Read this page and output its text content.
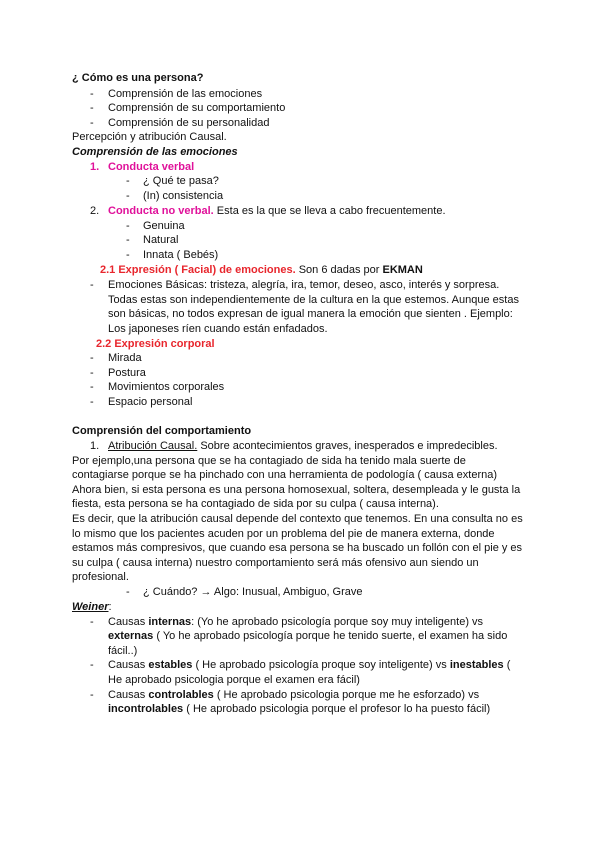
¿ Cómo es una persona?
- Comprensión de las emociones
- Comprensión de su comportamiento
- Comprensión de su personalidad
Percepción y atribución Causal.
Comprensión de las emociones
1. Conducta verbal
- ¿ Qué te pasa?
- (In) consistencia
2. Conducta no verbal. Esta es la que se lleva a cabo frecuentemente.
- Genuina
- Natural
- Innata ( Bebés)
2.1 Expresión ( Facial) de emociones. Son 6 dadas por EKMAN
- Emociones Básicas: tristeza, alegría, ira, temor, deseo, asco, interés y sorpresa.
Todas estas son independientemente de la cultura en la que estemos. Aunque estas
son básicas, no todos expresan de igual manera la emoción que sienten . Ejemplo:
Los japoneses ríen cuando están enfadados.
2.2 Expresión corporal
- Mirada
- Postura
- Movimientos corporales
- Espacio personal
Comprensión del comportamiento
1. Atribución Causal. Sobre acontecimientos graves, inesperados e impredecibles.
Por ejemplo,una persona que se ha contagiado de sida ha tenido mala suerte de
contagiarse porque se ha pinchado con una herramienta de podología ( causa externa)
Ahora bien, si esta persona es una persona homosexual, soltera, desempleada y le gusta la
fiesta, esta persona se ha contagiado de sida por su culpa ( causa interna).
Es decir, que la atribución causal depende del contexto que tenemos. En una consulta no es
lo mismo que los pacientes acuden por un problema del pie de manera externa, donde
estamos más compresivos, que cuando esa persona se ha buscado un follón con el pie y es
su culpa ( causa interna) nuestro comportamiento será más ofensivo aun siendo un
profesional.
- ¿ Cuándo? → Algo: Inusual, Ambiguo, Grave
Weiner:
- Causas internas: (Yo he aprobado psicología porque soy muy inteligente) vs
externas ( Yo he aprobado psicología porque he tenido suerte, el examen ha sido
fácil..)
- Causas estables ( He aprobado psicología proque soy inteligente) vs inestables (
He aprobado psicologia porque el examen era fácil)
- Causas controlables ( He aprobado psicologia porque me he esforzado) vs
incontrolables ( He aprobado psicologia porque el profesor lo ha puesto fácil)
